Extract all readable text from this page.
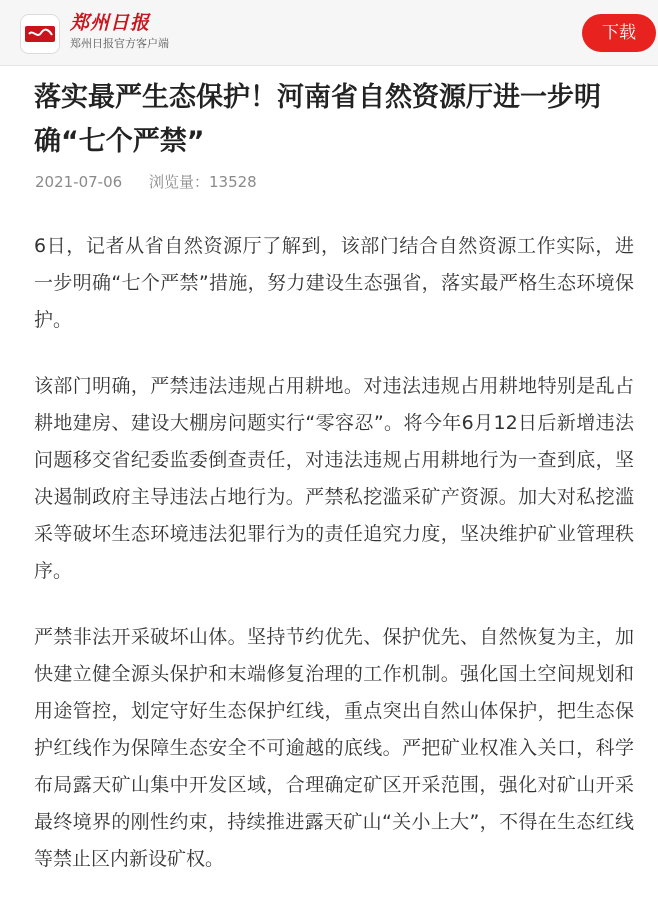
郑州日报
郑州日报官方客户端
下载
落实最严生态保护！河南省自然资源厅进一步明确“七个严禁”
2021-07-06 浏览量：13528

6日，记者从省自然资源厅了解到，该部门结合自然资源工作实际，进一步明确“七个严禁”措施，努力建设生态强省，落实最严格生态环境保护。

该部门明确，严禁违法违规占用耕地。对违法违规占用耕地特别是乱占耕地建房、建设大棚房问题实行“零容忍”。将今年6月12日后新增违法问题移交省纪委监委倒查责任，对违法违规占用耕地行为一查到底，坚决遏制政府主导违法占地行为。严禁私挖滥采矿产资源。加大对私挖滥采等破坏生态环境违法犯罪行为的责任追究力度，坚决维护矿业管理秩序。

严禁非法开采破坏山体。坚持节约优先、保护优先、自然恢复为主，加快建立健全源头保护和末端修复治理的工作机制。强化国土空间规划和用途管控，划定守好生态保护红线，重点突出自然山体保护，把生态保护红线作为保障生态安全不可逾越的底线。严把矿业权准入关口，科学布局露天矿山集中开发区域，合理确定矿区开采范围，强化对矿山开采最终境界的刚性约束，持续推进露天矿山“关小上大”，不得在生态红线等禁止区内新设矿权。
